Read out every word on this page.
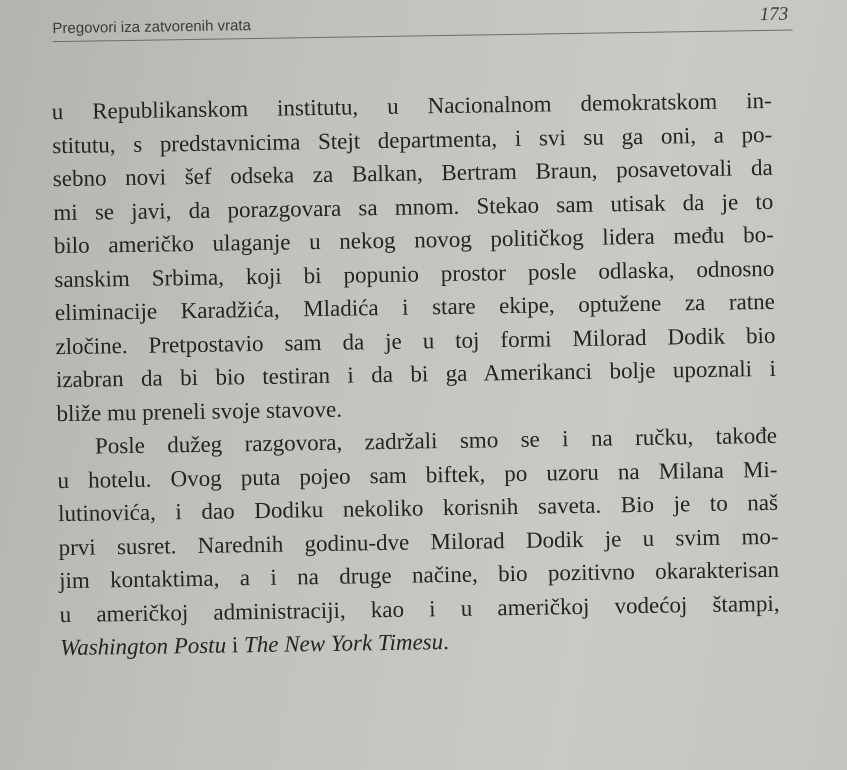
Pregovori iza zatvorenih vrata
173
u Republikanskom institutu, u Nacionalnom demokratskom in-
stitutu, s predstavnicima Stejt departmenta, i svi su ga oni, a po-
sebno novi šef odseka za Balkan, Bertram Braun, posavetovali da
mi se javi, da porazgovara sa mnom. Stekao sam utisak da je to
bilo američko ulaganje u nekog novog političkog lidera među bo-
sanskim Srbima, koji bi popunio prostor posle odlaska, odnosno
eliminacije Karadžića, Mladića i stare ekipe, optužene za ratne
zločine. Pretpostavio sam da je u toj formi Milorad Dodik bio
izabran da bi bio testiran i da bi ga Amerikanci bolje upoznali i
bliže mu preneli svoje stavove.
Posle dužeg razgovora, zadržali smo se i na ručku, takođe
u hotelu. Ovog puta pojeo sam biftek, po uzoru na Milana Mi-
lutinovića, i dao Dodiku nekoliko korisnih saveta. Bio je to naš
prvi susret. Narednih godinu-dve Milorad Dodik je u svim mo-
jim kontaktima, a i na druge načine, bio pozitivno okarakterisan
u američkoj administraciji, kao i u američkoj vodećoj štampi,
Washington Postu i The New York Timesu.
